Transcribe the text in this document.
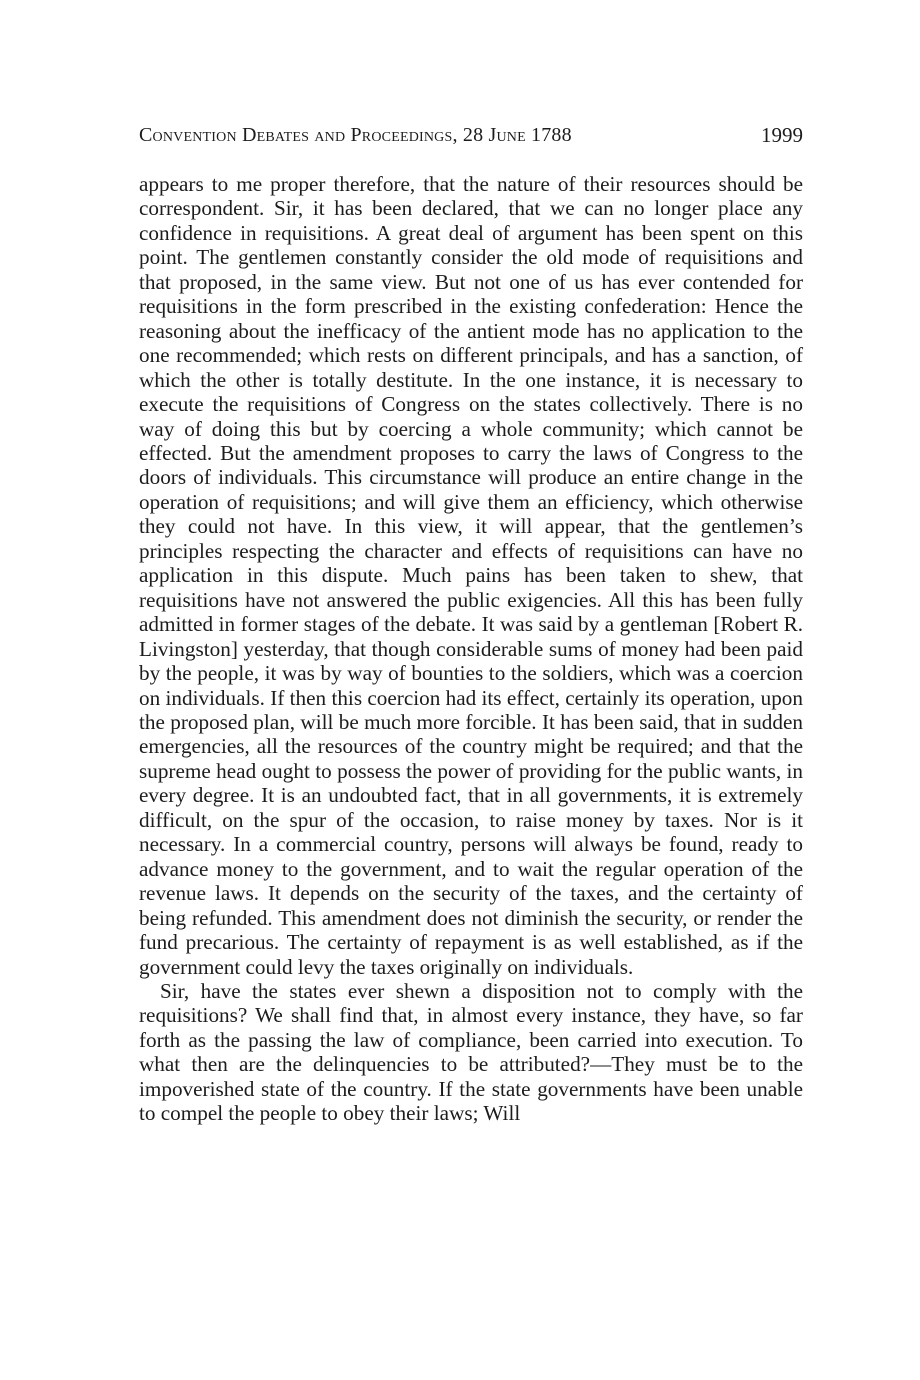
Convention Debates and Proceedings, 28 June 1788	1999

appears to me proper therefore, that the nature of their resources should be correspondent. Sir, it has been declared, that we can no longer place any confidence in requisitions. A great deal of argument has been spent on this point. The gentlemen constantly consider the old mode of requisitions and that proposed, in the same view. But not one of us has ever contended for requisitions in the form prescribed in the existing confederation: Hence the reasoning about the inefficacy of the antient mode has no application to the one recommended; which rests on different principals, and has a sanction, of which the other is totally destitute. In the one instance, it is necessary to execute the requisitions of Congress on the states collectively. There is no way of doing this but by coercing a whole community; which cannot be effected. But the amendment proposes to carry the laws of Congress to the doors of individuals. This circumstance will produce an entire change in the operation of requisitions; and will give them an efficiency, which otherwise they could not have. In this view, it will appear, that the gentlemen’s principles respecting the character and effects of requisitions can have no application in this dispute. Much pains has been taken to shew, that requisitions have not answered the public exigencies. All this has been fully admitted in former stages of the debate. It was said by a gentleman [Robert R. Livingston] yesterday, that though considerable sums of money had been paid by the people, it was by way of bounties to the soldiers, which was a coercion on individuals. If then this coercion had its effect, certainly its operation, upon the proposed plan, will be much more forcible. It has been said, that in sudden emergencies, all the resources of the country might be required; and that the supreme head ought to possess the power of providing for the public wants, in every degree. It is an undoubted fact, that in all governments, it is extremely difficult, on the spur of the occasion, to raise money by taxes. Nor is it necessary. In a commercial country, persons will always be found, ready to advance money to the government, and to wait the regular operation of the revenue laws. It depends on the security of the taxes, and the certainty of being refunded. This amendment does not diminish the security, or render the fund precarious. The certainty of repayment is as well established, as if the government could levy the taxes originally on individuals.

Sir, have the states ever shewn a disposition not to comply with the requisitions? We shall find that, in almost every instance, they have, so far forth as the passing the law of compliance, been carried into execution. To what then are the delinquencies to be attributed?—They must be to the impoverished state of the country. If the state governments have been unable to compel the people to obey their laws; Will
